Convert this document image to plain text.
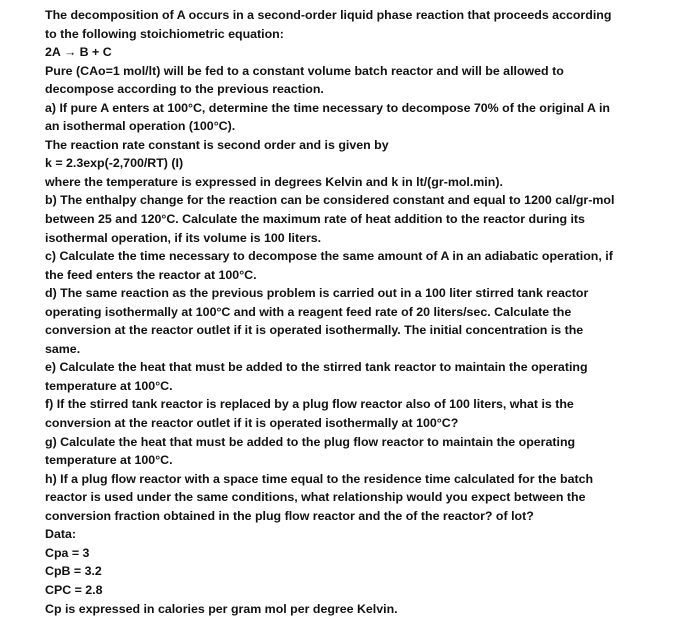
The decomposition of A occurs in a second-order liquid phase reaction that proceeds according
to the following stoichiometric equation:
2A → B + C
Pure (CAo=1 mol/lt) will be fed to a constant volume batch reactor and will be allowed to
decompose according to the previous reaction.
a) If pure A enters at 100°C, determine the time necessary to decompose 70% of the original A in
an isothermal operation (100°C).
The reaction rate constant is second order and is given by
k = 2.3exp(-2,700/RT) (I)
where the temperature is expressed in degrees Kelvin and k in lt/(gr-mol.min).
b) The enthalpy change for the reaction can be considered constant and equal to 1200 cal/gr-mol
between 25 and 120°C. Calculate the maximum rate of heat addition to the reactor during its
isothermal operation, if its volume is 100 liters.
c) Calculate the time necessary to decompose the same amount of A in an adiabatic operation, if
the feed enters the reactor at 100°C.
d) The same reaction as the previous problem is carried out in a 100 liter stirred tank reactor
operating isothermally at 100°C and with a reagent feed rate of 20 liters/sec. Calculate the
conversion at the reactor outlet if it is operated isothermally. The initial concentration is the
same.
e) Calculate the heat that must be added to the stirred tank reactor to maintain the operating
temperature at 100°C.
f) If the stirred tank reactor is replaced by a plug flow reactor also of 100 liters, what is the
conversion at the reactor outlet if it is operated isothermally at 100°C?
g) Calculate the heat that must be added to the plug flow reactor to maintain the operating
temperature at 100°C.
h) If a plug flow reactor with a space time equal to the residence time calculated for the batch
reactor is used under the same conditions, what relationship would you expect between the
conversion fraction obtained in the plug flow reactor and the of the reactor? of lot?
Data:
Cpa = 3
CpB = 3.2
CPC = 2.8
Cp is expressed in calories per gram mol per degree Kelvin.
